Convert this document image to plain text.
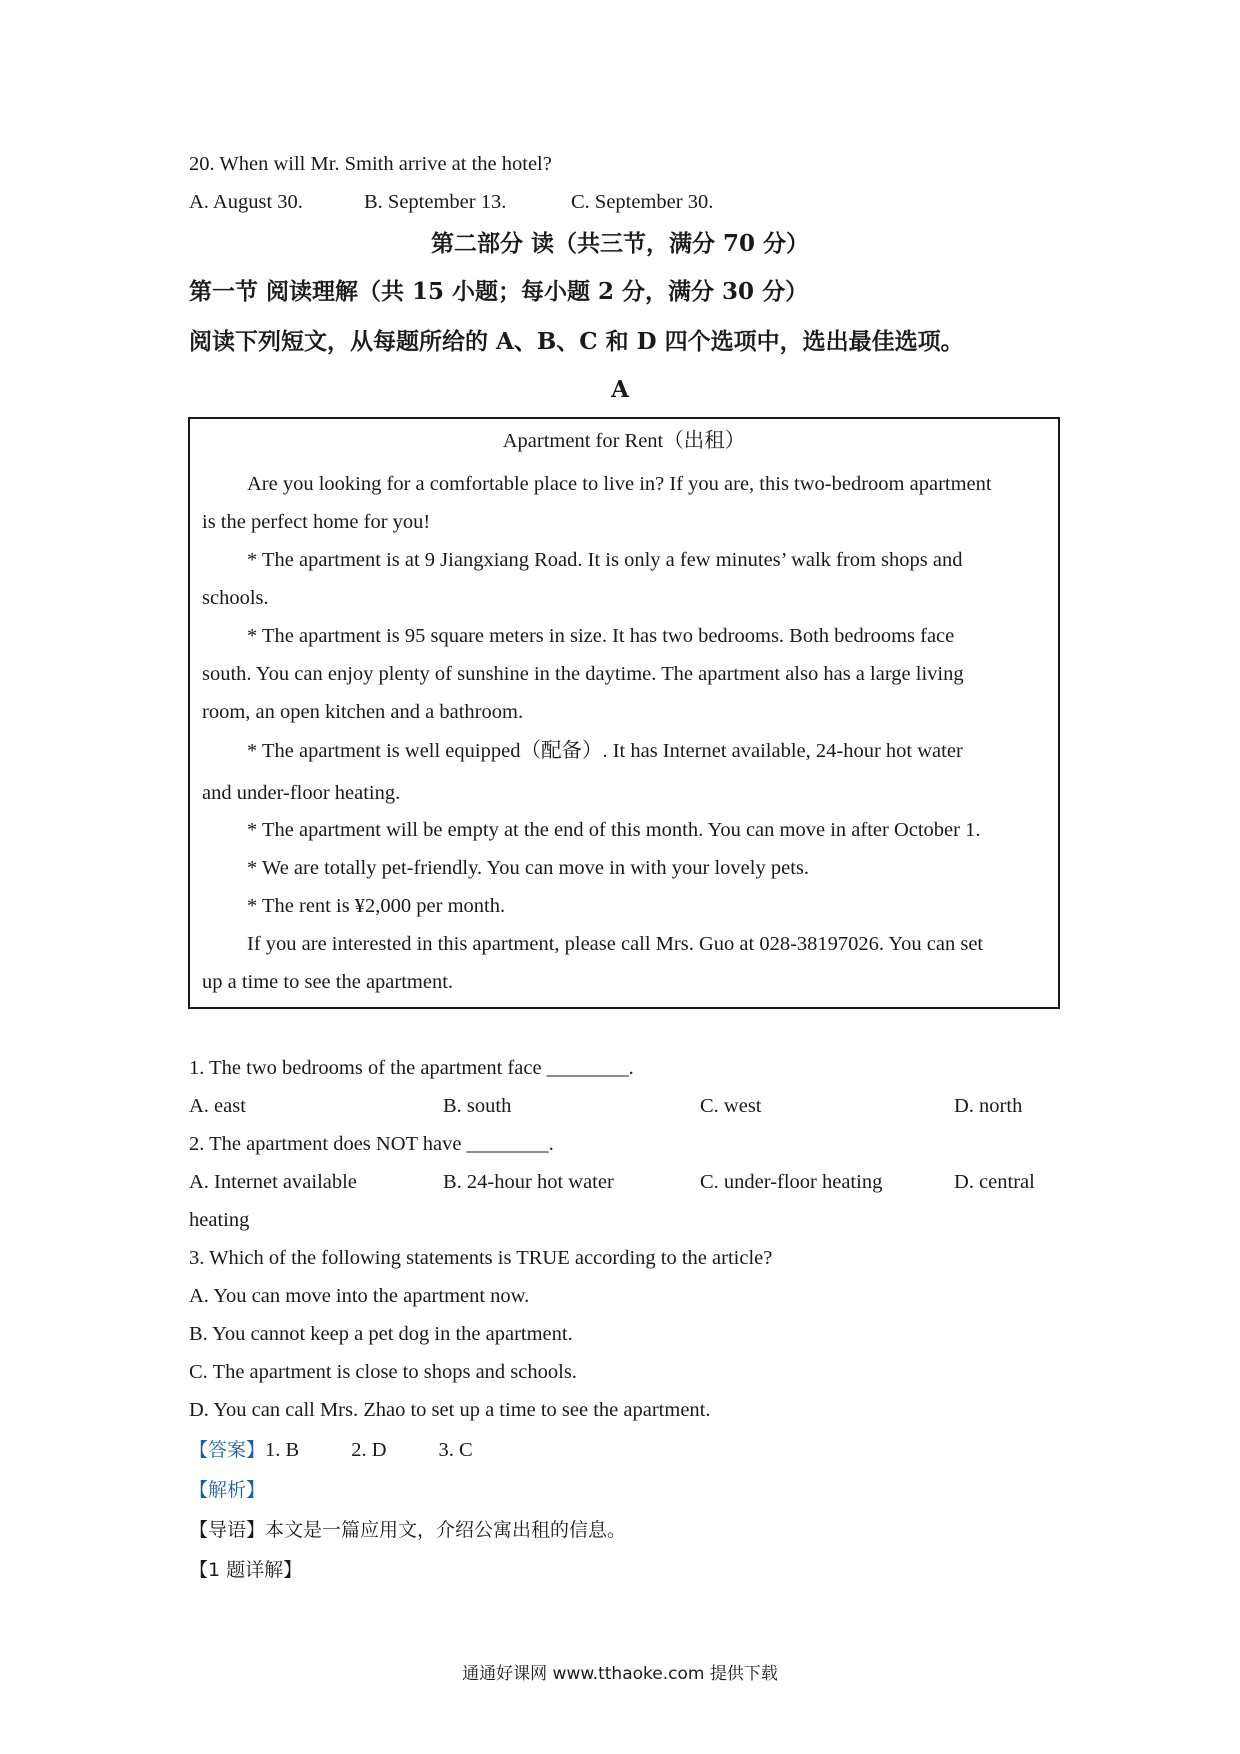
20. When will Mr. Smith arrive at the hotel?
A. August 30.	B. September 13.	C. September 30.
第二部分 读（共三节，满分 70 分）
第一节 阅读理解（共 15 小题；每小题 2 分，满分 30 分）
阅读下列短文，从每题所给的 A、B、C 和 D 四个选项中，选出最佳选项。
A
Apartment for Rent（出租）
Are you looking for a comfortable place to live in? If you are, this two-bedroom apartment
is the perfect home for you!
* The apartment is at 9 Jiangxiang Road. It is only a few minutes’ walk from shops and
schools.
* The apartment is 95 square meters in size. It has two bedrooms. Both bedrooms face
south. You can enjoy plenty of sunshine in the daytime. The apartment also has a large living
room, an open kitchen and a bathroom.
* The apartment is well equipped（配备）. It has Internet available, 24-hour hot water
and under-floor heating.
* The apartment will be empty at the end of this month. You can move in after October 1.
* We are totally pet-friendly. You can move in with your lovely pets.
* The rent is ¥2,000 per month.
If you are interested in this apartment, please call Mrs. Guo at 028-38197026. You can set
up a time to see the apartment.
1. The two bedrooms of the apartment face ________.
A. east	B. south	C. west	D. north
2. The apartment does NOT have ________.
A. Internet available	B. 24-hour hot water	C. under-floor heating	D. central
heating
3. Which of the following statements is TRUE according to the article?
A. You can move into the apartment now.
B. You cannot keep a pet dog in the apartment.
C. The apartment is close to shops and schools.
D. You can call Mrs. Zhao to set up a time to see the apartment.
【答案】1. B	2. D	3. C
【解析】
【导语】本文是一篇应用文，介绍公寓出租的信息。
【1 题详解】
通通好课网 www.tthaoke.com 提供下载
